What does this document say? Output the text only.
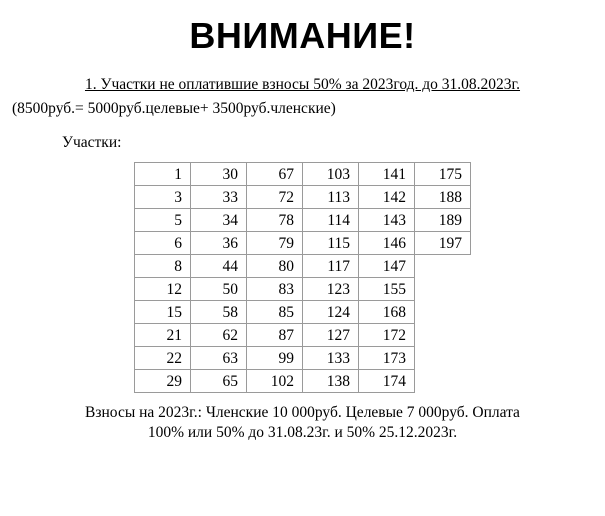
ВНИМАНИЕ!
1. Участки не оплатившие взносы 50% за 2023год. до 31.08.2023г.
(8500руб.= 5000руб.целевые+ 3500руб.членские)
Участки:
1	30	67	103	141	175
3	33	72	113	142	188
5	34	78	114	143	189
6	36	79	115	146	197
8	44	80	117	147	
12	50	83	123	155	
15	58	85	124	168	
21	62	87	127	172	
22	63	99	133	173	
29	65	102	138	174	
Взносы на 2023г.: Членские 10 000руб. Целевые 7 000руб. Оплата
100% или 50% до 31.08.23г. и 50% 25.12.2023г.
